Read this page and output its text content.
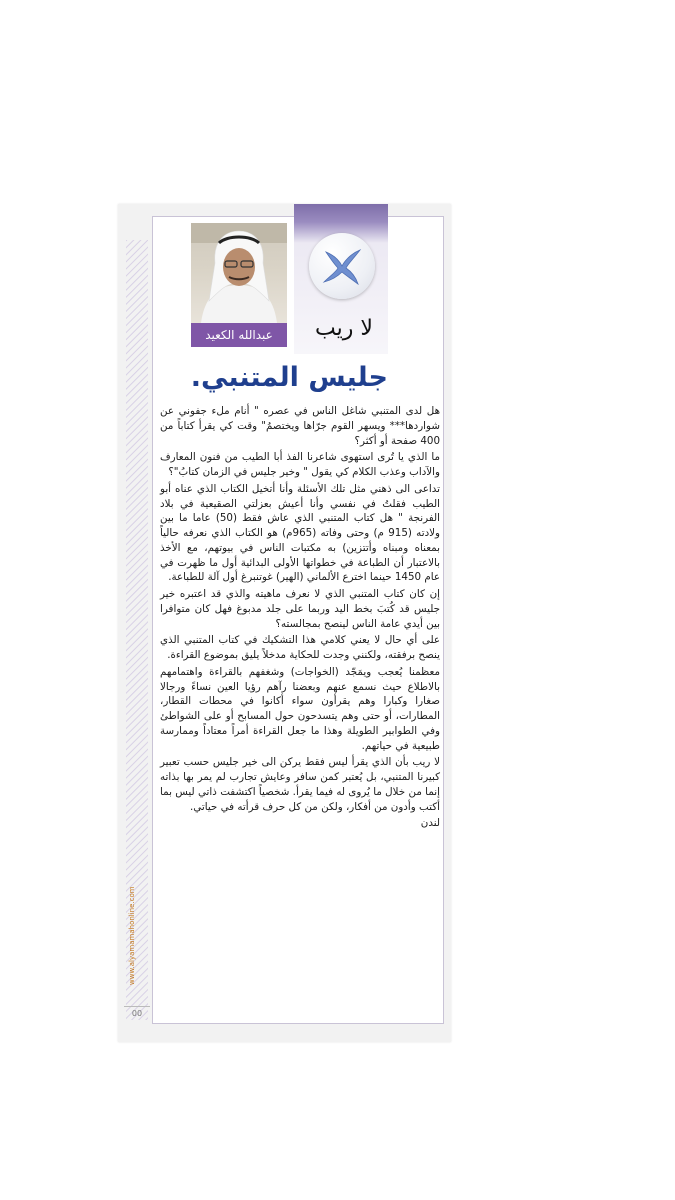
www.alyamamahonline.com
00
لا ريب
عبدالله الكعيد
جليس المتنبي.

هل لدى المتنبي شاغل الناس في عصره " أنام ملء جفوني عن شواردها*** ويسهر القوم جرّاها ويختصمُ" وقت كي يقرأ كتاباً من 400 صفحة أو أكثر؟

ما الذي يا تُرى استهوى شاعرنا الفذ أبا الطيب من فنون المعارف والآداب وعذب الكلام كي يقول " وخير جليس في الزمان كتابُ"؟

تداعى الى ذهني مثل تلك الأسئلة وأنا أتخيل الكتاب الذي عناه أبو الطيب فقلتُ في نفسي وأنا أعيش بعزلتي الصقيعية في بلاد الفرنجة " هل كتاب المتنبي الذي عاش فقط (50) عاما ما بين ولادته (915 م) وحتى وفاته (965م) هو الكتاب الذي نعرفه حالياً بمعناه ومبناه وأتتزين) به مكتبات الناس في بيوتهم، مع الأخذ بالاعتبار أن الطباعة في خطواتها الأولى البدائية أول ما ظهرت في عام 1450 حينما اخترع الألماني (الهير) غوتنبرغ أول آلة للطباعة.

إن كان كتاب المتنبي الذي لا نعرف ماهيته والذي قد اعتبره خير جليس قد كُتبَ بخط اليد وربما على جلد مدبوغ فهل كان متوافرا بين أيدي عامة الناس لينصح بمجالسته؟

على أي حال لا يعني كلامي هذا التشكيك في كتاب المتنبي الذي ينصح برفقته، ولكنني وجدت للحكاية مدخلاً يليق بموضوع القراءة.

معظمنا يُعجب ويمَجّد (الخواجات) وشغفهم بالقراءة واهتمامهم بالاطلاع حيث نسمع عنهم وبعضنا رآهم رؤيا العين نساءً ورجالا صغارا وكبارا وهم يقرأون سواء أكانوا في محطات القطار، المطارات، أو حتى وهم يتسدحون حول المسابح أو على الشواطئ وفي الطوابير الطويلة وهذا ما جعل القراءة أمراً معتاداً وممارسة طبيعية في حياتهم.

لا ريب بأن الذي يقرأ ليس فقط يركن الى خير جليس حسب تعبير كبيرنا المتنبي، بل يُعتبر كمن سافر وعايش تجارب لم يمر بها بذاته إنما من خلال ما يُروى له فيما يقرأ. شخصياً اكتشفت ذاتي ليس بما أكتب وأدون من أفكار، ولكن من كل حرف قرأته في حياتي.

لندن
